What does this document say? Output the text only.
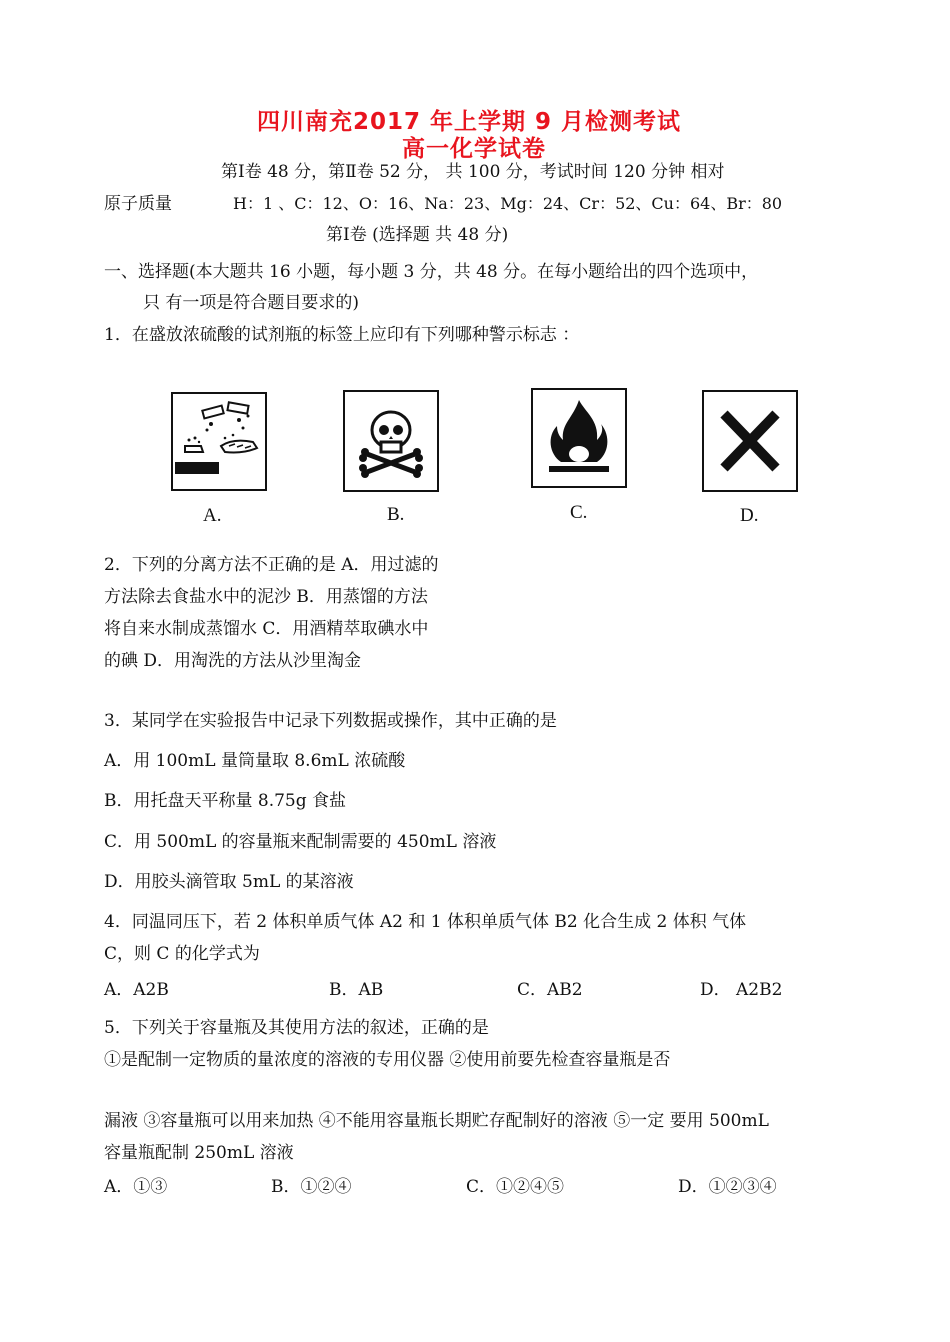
四川南充2017 年上学期 9 月检测考试
高一化学试卷
第Ⅰ卷 48 分，第Ⅱ卷 52 分， 共 100 分，考试时间 120 分钟 相对
原子质量	H：1 、C：12、O：16、Na：23、Mg：24、Cr：52、Cu：64、Br：80
第Ⅰ卷 (选择题 共 48 分)
一、选择题(本大题共 16 小题，每小题 3 分，共 48 分。在每小题给出的四个选项中，
只 有一项是符合题目要求的)
1．在盛放浓硫酸的试剂瓶的标签上应印有下列哪种警示标志 ：
A.	B.	C.	D.
2．下列的分离方法不正确的是 A．用过滤的
方法除去食盐水中的泥沙 B．用蒸馏的方法
将自来水制成蒸馏水 C．用酒精萃取碘水中
的碘 D．用淘洗的方法从沙里淘金
3．某同学在实验报告中记录下列数据或操作，其中正确的是
A．用 100mL 量筒量取 8.6mL 浓硫酸
B．用托盘天平称量 8.75g 食盐
C．用 500mL 的容量瓶来配制需要的 450mL 溶液
D．用胶头滴管取 5mL 的某溶液
4．同温同压下，若 2 体积单质气体 A2 和 1 体积单质气体 B2 化合生成 2 体积 气体
C，则 C 的化学式为
A．A2B	B．AB	C．AB2	D． A2B2
5．下列关于容量瓶及其使用方法的叙述，正确的是
①是配制一定物质的量浓度的溶液的专用仪器 ②使用前要先检查容量瓶是否
漏液 ③容量瓶可以用来加热 ④不能用容量瓶长期贮存配制好的溶液 ⑤一定 要用 500mL
容量瓶配制 250mL 溶液
A．①③	B．①②④	C．①②④⑤	D．①②③④
